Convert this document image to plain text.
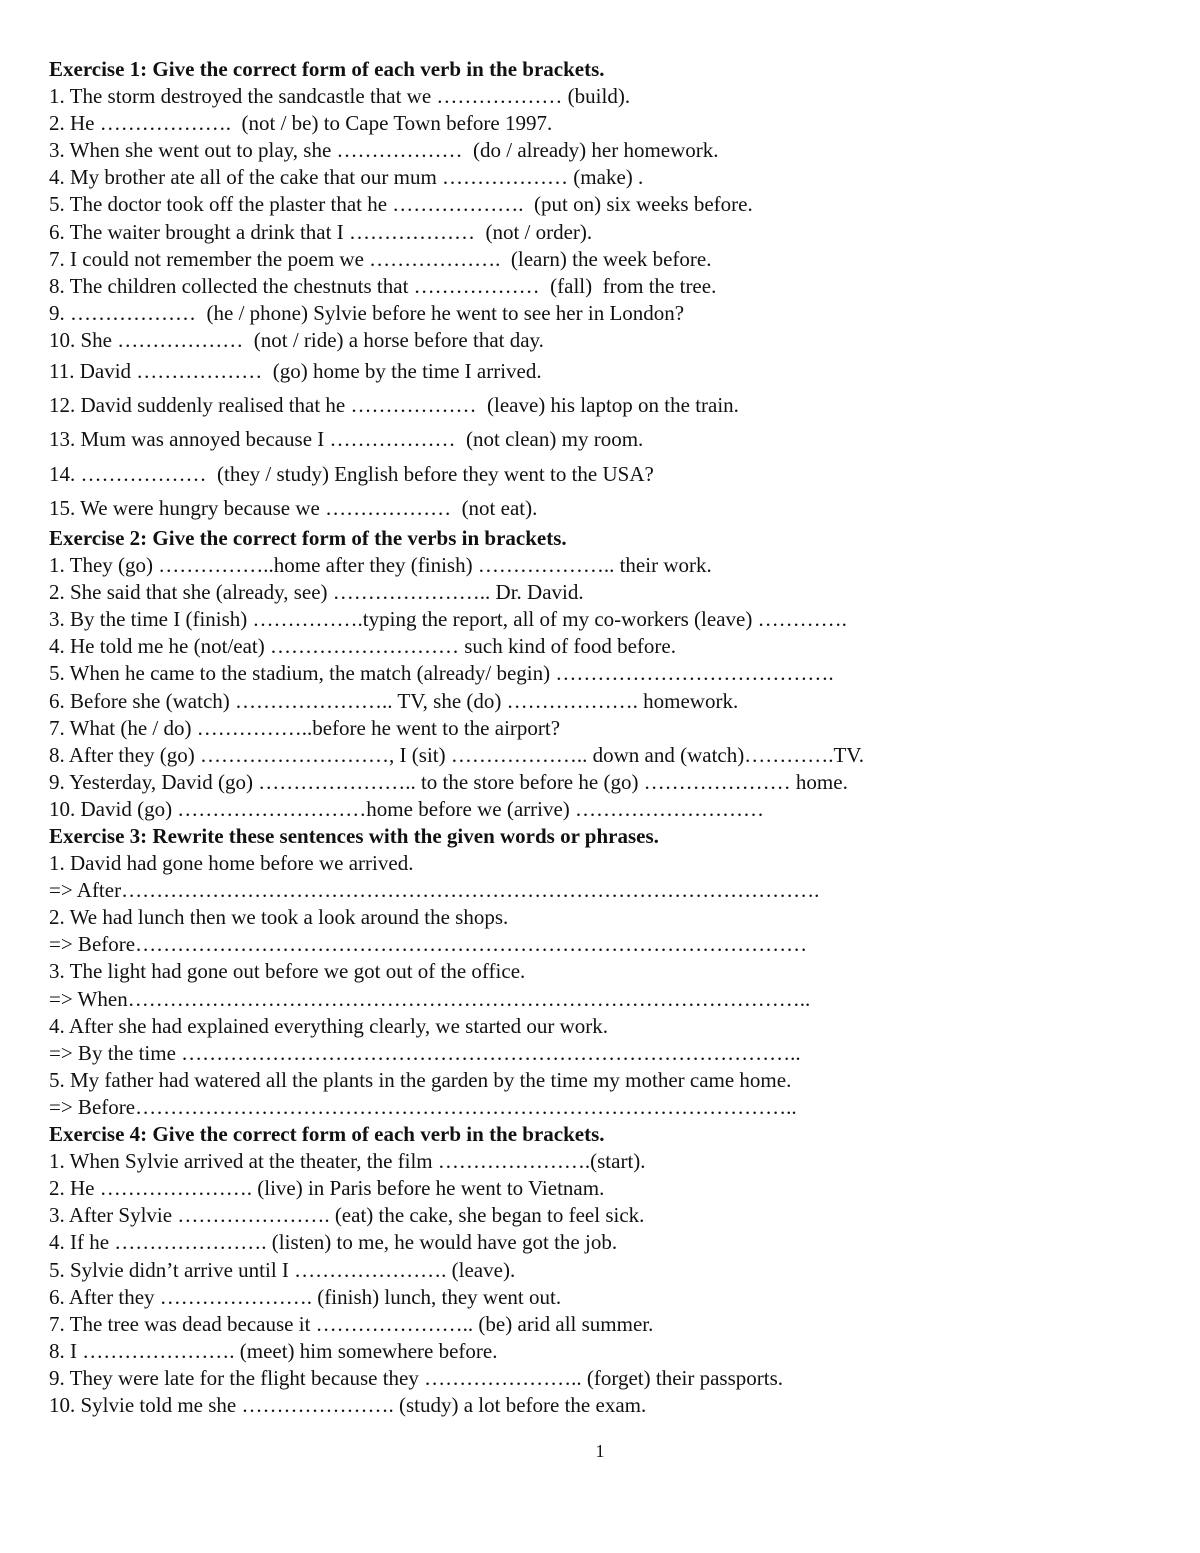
Exercise 1: Give the correct form of each verb in the brackets.
1. The storm destroyed the sandcastle that we ……………… (build).
2. He ……………….  (not / be) to Cape Town before 1997.
3. When she went out to play, she ………………  (do / already) her homework.
4. My brother ate all of the cake that our mum ……………… (make) .
5. The doctor took off the plaster that he ……………….  (put on) six weeks before.
6. The waiter brought a drink that I ………………  (not / order).
7. I could not remember the poem we ……………….  (learn) the week before.
8. The children collected the chestnuts that ………………  (fall)  from the tree.
9. ………………  (he / phone) Sylvie before he went to see her in London?
10. She ………………  (not / ride) a horse before that day.
11. David ………………  (go) home by the time I arrived.
12. David suddenly realised that he ………………  (leave) his laptop on the train.
13. Mum was annoyed because I ………………  (not clean) my room.
14. ………………  (they / study) English before they went to the USA?
15. We were hungry because we ………………  (not eat).
Exercise 2: Give the correct form of the verbs in brackets.
1. They (go) ……………..home after they (finish) ……………….. their work.
2. She said that she (already, see) ………………….. Dr. David.
3. By the time I (finish) …………….typing the report, all of my co-workers (leave) ………….
4. He told me he (not/eat) ……………………… such kind of food before.
5. When he came to the stadium, the match (already/ begin) ………………………………….
6. Before she (watch) ………………….. TV, she (do) ………………. homework.
7. What (he / do) ……………..before he went to the airport?
8. After they (go) ………………………, I (sit) ……………….. down and (watch)………….TV.
9. Yesterday, David (go) ………………….. to the store before he (go) ………………… home.
10. David (go) ………………………home before we (arrive) ………………………
Exercise 3: Rewrite these sentences with the given words or phrases.
1. David had gone home before we arrived.
=> After……………………………………………………………………………………….
2. We had lunch then we took a look around the shops.
=> Before……………………………………………………………………………………
3. The light had gone out before we got out of the office.
=> When……………………………………………………………………………………..
4. After she had explained everything clearly, we started our work.
=> By the time ……………………………………………………………………………..
5. My father had watered all the plants in the garden by the time my mother came home.
=> Before…………………………………………………………………………………..
Exercise 4: Give the correct form of each verb in the brackets.
1. When Sylvie arrived at the theater, the film ………………….(start).
2. He …………………. (live) in Paris before he went to Vietnam.
3. After Sylvie …………………. (eat) the cake, she began to feel sick.
4. If he …………………. (listen) to me, he would have got the job.
5. Sylvie didn’t arrive until I …………………. (leave).
6. After they …………………. (finish) lunch, they went out.
7. The tree was dead because it ………………….. (be) arid all summer.
8. I …………………. (meet) him somewhere before.
9. They were late for the flight because they ………………….. (forget) their passports.
10. Sylvie told me she …………………. (study) a lot before the exam.
1
